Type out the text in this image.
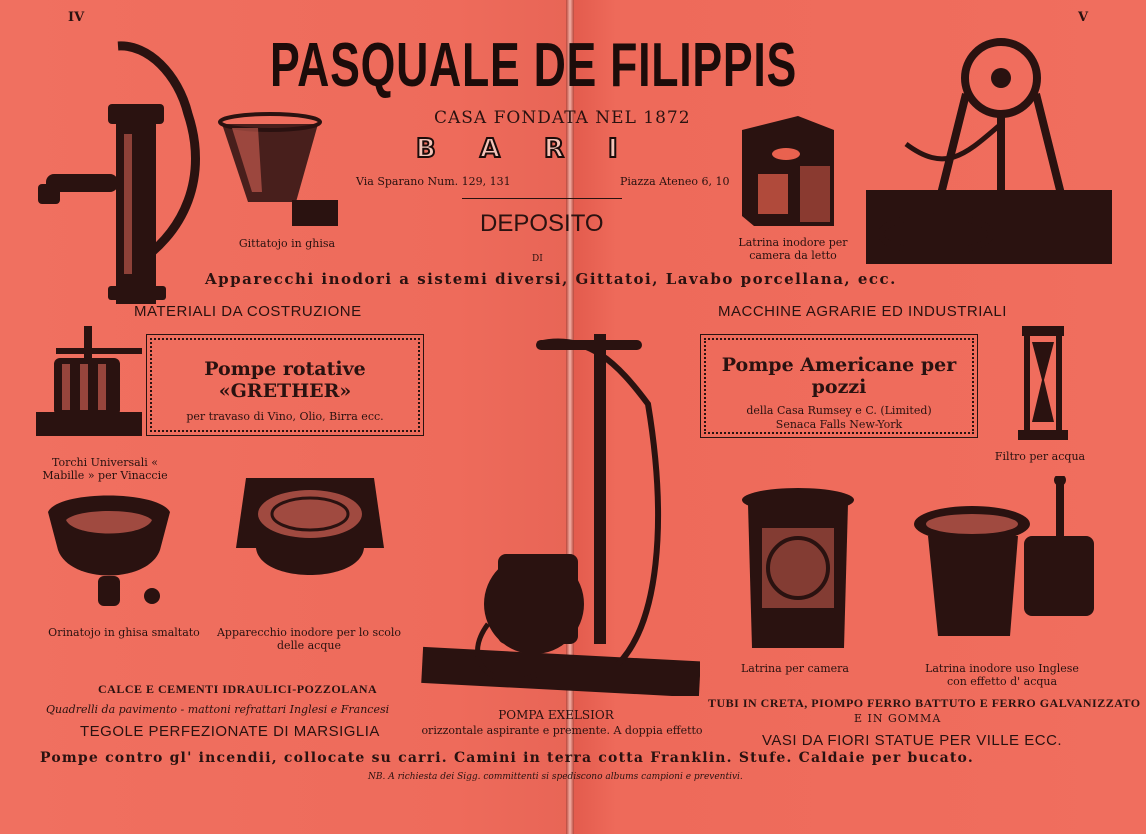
IV	V
PASQUALE DE FILIPPIS
CASA FONDATA NEL 1872
BARI
Via Sparano Num. 129, 131	Piazza Ateneo 6, 10
DEPOSITO
DI
Apparecchi inodori a sistemi diversi, Gittatoi, Lavabo porcellana, ecc.
MATERIALI DA COSTRUZIONE	MACCHINE AGRARIE ED INDUSTRIALI
Gittatojo in ghisa	Latrina inodore per camera da letto
Torchi Universali « Mabille » per Vinaccie
Filtro per acqua
Orinatojo in ghisa smaltato	Apparecchio inodore per lo scolo delle acque
POMPA EXELSIOR
orizzontale aspirante e premente. A doppia effetto
Latrina per camera	Latrina inodore uso Inglese con effetto d' acqua
Pompe rotative «GRETHER»
per travaso di Vino, Olio, Birra ecc.
Pompe Americane per pozzi
della Casa Rumsey e C. (Limited) Senaca Falls New-York
CALCE E CEMENTI IDRAULICI-POZZOLANA
Quadrelli da pavimento - mattoni refrattari Inglesi e Francesi
TEGOLE PERFEZIONATE DI MARSIGLIA
TUBI IN CRETA, PIOMPO FERRO BATTUTO E FERRO GALVANIZZATO
E IN GOMMA
VASI DA FIORI STATUE PER VILLE ECC.
Pompe contro gl' incendii, collocate su carri. Camini in terra cotta Franklin. Stufe. Caldaie per bucato.
NB. A richiesta dei Sigg. committenti si spediscono albums campioni e preventivi.
